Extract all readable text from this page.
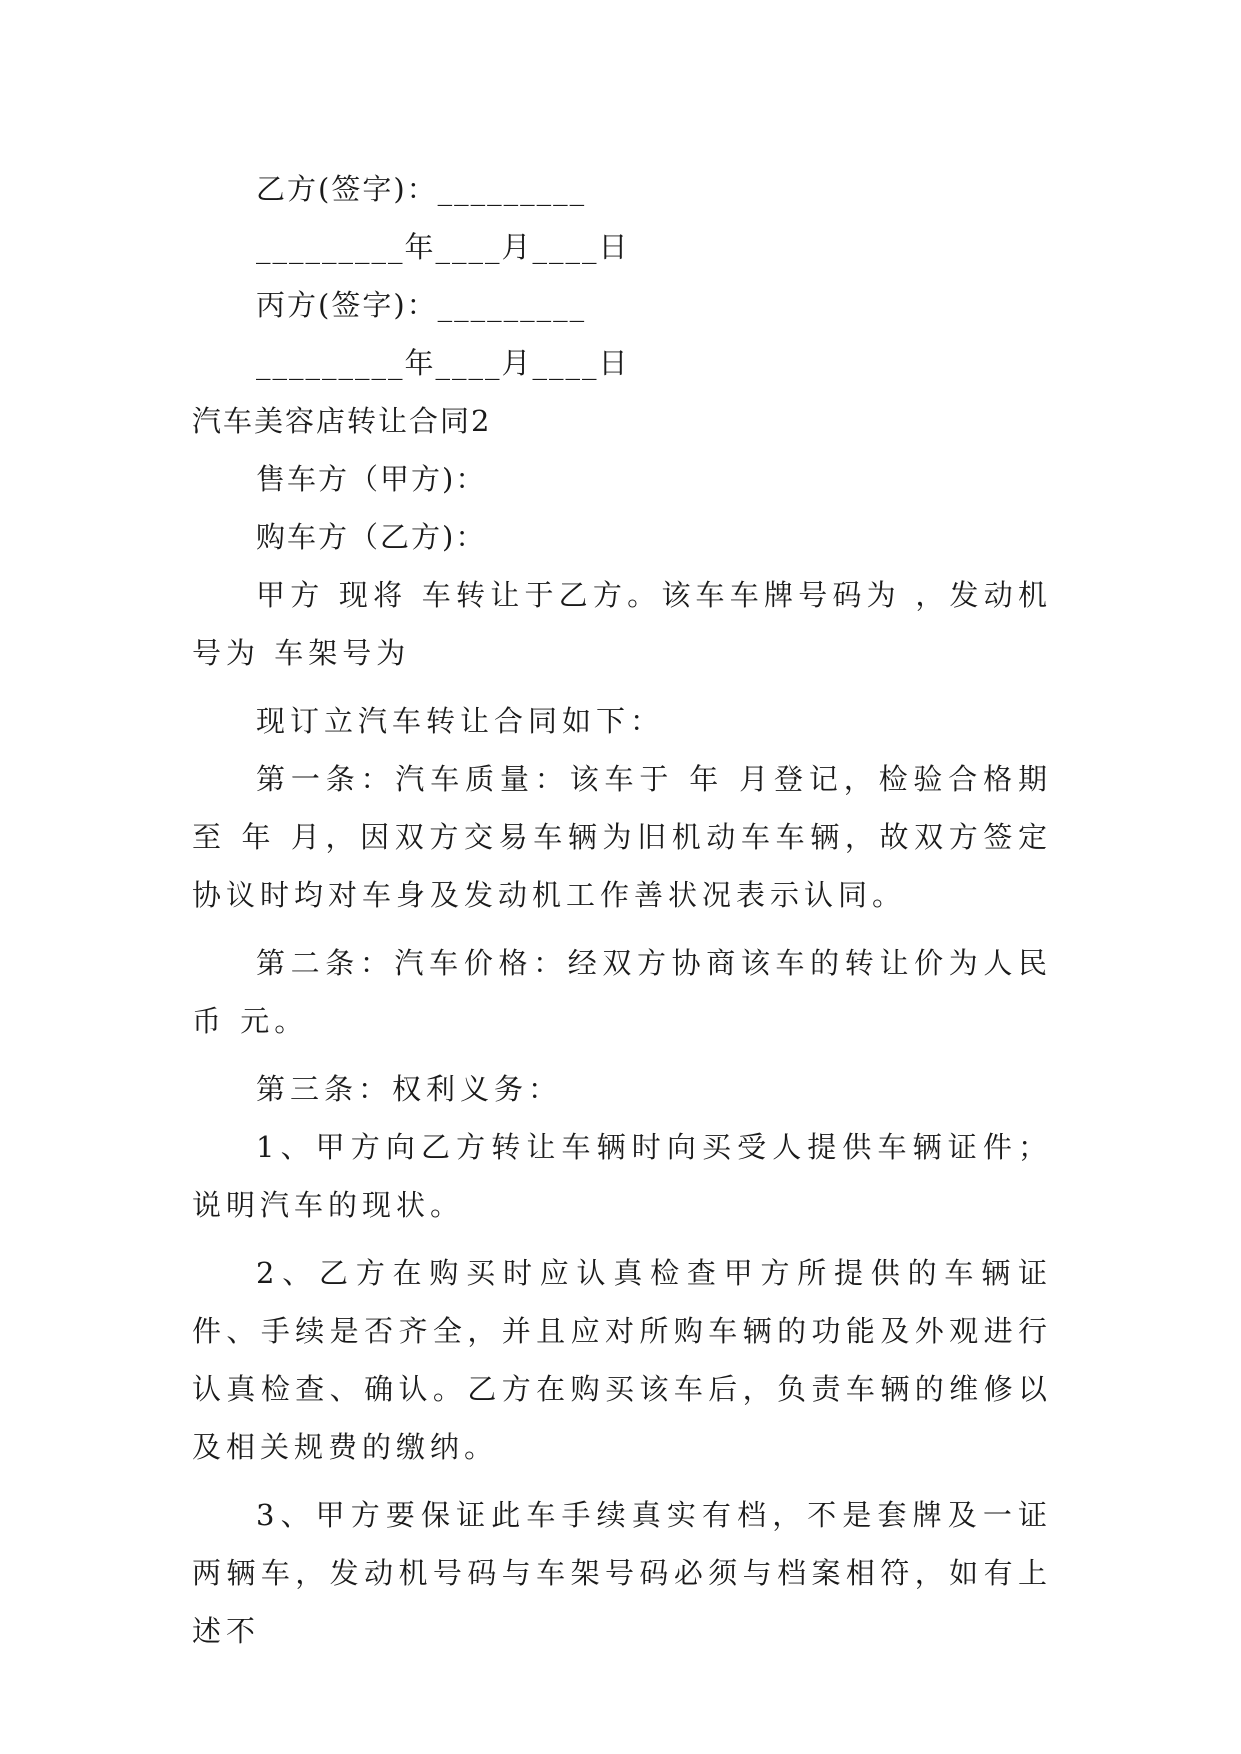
乙方(签字)：_________
_________年____月____日
丙方(签字)：_________
_________年____月____日
汽车美容店转让合同2
售车方（甲方)：
购车方（乙方)：

甲方 现将 车转让于乙方。该车车牌号码为 ，发动机号为 车架号为

现订立汽车转让合同如下：

第一条：汽车质量：该车于 年 月登记，检验合格期至 年 月，因双方交易车辆为旧机动车车辆，故双方签定协议时均对车身及发动机工作善状况表示认同。

第二条：汽车价格：经双方协商该车的转让价为人民币 元。

第三条：权利义务：

1、甲方向乙方转让车辆时向买受人提供车辆证件；说明汽车的现状。

2、乙方在购买时应认真检查甲方所提供的车辆证件、手续是否齐全，并且应对所购车辆的功能及外观进行认真检查、确认。乙方在购买该车后，负责车辆的维修以及相关规费的缴纳。

3、甲方要保证此车手续真实有档，不是套牌及一证两辆车，发动机号码与车架号码必须与档案相符，如有上述不
